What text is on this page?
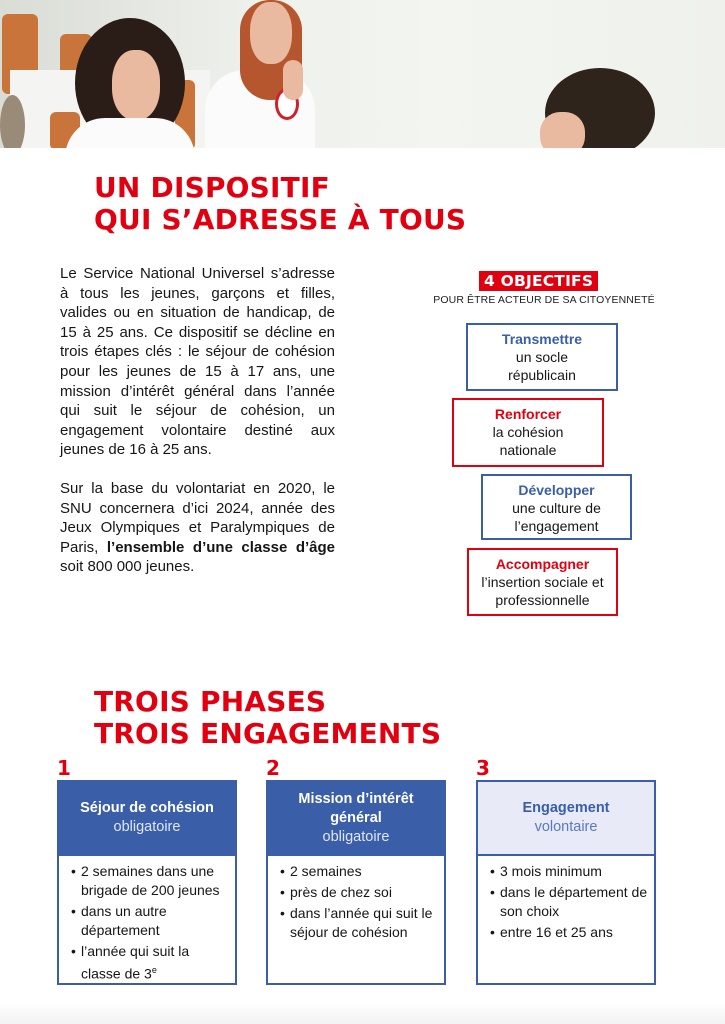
UN DISPOSITIF
QUI S’ADRESSE À TOUS

Le Service National Universel s’adresse à tous les jeunes, garçons et filles, valides ou en situation de handicap, de 15 à 25 ans. Ce dispositif se décline en trois étapes clés : le séjour de cohésion pour les jeunes de 15 à 17 ans, une mission d’intérêt général dans l’année qui suit le séjour de cohésion, un engagement volontaire destiné aux jeunes de 16 à 25 ans.

Sur la base du volontariat en 2020, le SNU concernera d’ici 2024, année des Jeux Olympiques et Paralympiques de Paris, l’ensemble d’une classe d’âge soit 800 000 jeunes.

4 OBJECTIFS
POUR ÊTRE ACTEUR DE SA CITOYENNETÉ
Transmettre
un socle républicain
Renforcer
la cohésion nationale
Développer
une culture de l’engagement
Accompagner
l’insertion sociale et professionnelle
TROIS PHASES
TROIS ENGAGEMENTS
1	2	3
Séjour de cohésion
obligatoire
• 2 semaines dans une brigade de 200 jeunes
• dans un autre département
• l’année qui suit la classe de 3e
Mission d’intérêt général
obligatoire
• 2 semaines
• près de chez soi
• dans l’année qui suit le séjour de cohésion
Engagement
volontaire
• 3 mois minimum
• dans le département de son choix
• entre 16 et 25 ans
